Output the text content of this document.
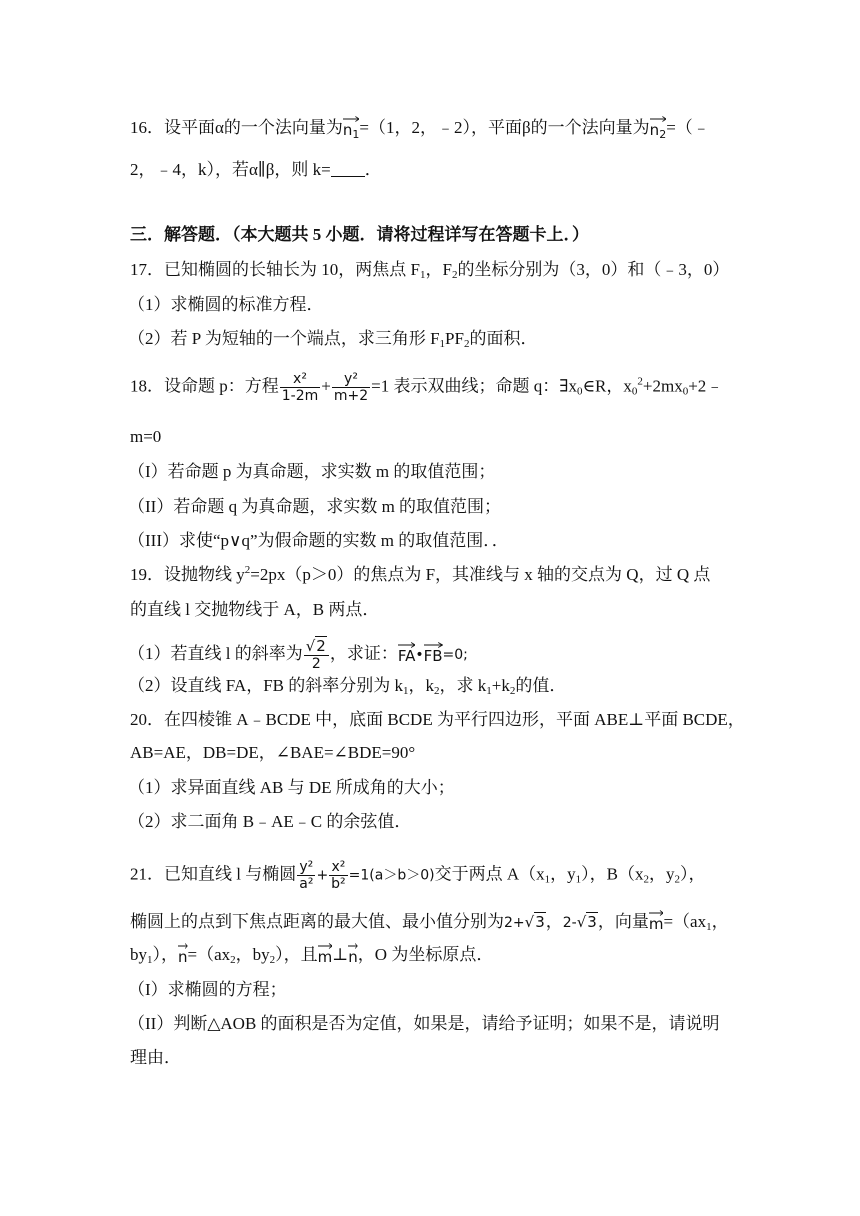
16．设平面α的一个法向量为
$n_1=(1$，2，﹣2），平面β的一个法向量为
$n_2=(﹣$
2，﹣4，k），若α∥β，则 k= ．
三．解答题．（本大题共 5 小题．请将过程详写在答题卡上．）
17．已知椭圆的长轴长为 10，两焦点 $F_1$，$F_2$的坐标分别为（3，0）和（﹣3，0）
（1）求椭圆的标准方程．
（2）若 P 为短轴的一个端点，求三角形 $F_1PF_2$的面积．
18．设命题 p：方程 $\frac{\text{x²}}{1-2m} + \frac{\text{y²}}{m+2} =1$ 表示双曲线；命题 q：$\exists x_0\in R$，$x_0^2+2mx_0+2﹣$
m=0
（I）若命题 p 为真命题，求实数 m 的取值范围；
（II）若命题 q 为真命题，求实数 m 的取值范围；
（III）求使“p∨q”为假命题的实数 m 的取值范围．．
19．设抛物线 $y^2=2px(p>0)$的焦点为 F，其准线与 x 轴的交点为 Q，过 Q 点
的直线 l 交抛物线于 A，B 两点．
（1）若直线 l 的斜率为 $\frac{√2}{2}$ ，求证：
FA•
FB=0;
（2）设直线 FA，FB 的斜率分别为 $k_1$，$k_2$，求 $k_1+k_2$的值．
20．在四棱锥 A﹣BCDE 中，底面 BCDE 为平行四边形，平面 ABE⊥平面 BCDE，
AB=AE，DB=DE，∠BAE=∠BDE=90°
（1）求异面直线 AB 与 DE 所成角的大小；
（2）求二面角 B﹣AE﹣C 的余弦值．
21．已知直线 l 与椭圆 $\frac{\text{y²}}{\text{a²}} + \frac{\text{x²}}{\text{b²}} =1(a>b>0)$交于两点 $A(x_1$，$y_1$），$B(x_2$，$y_2$），
椭圆上的点到下焦点距离的最大值、最小值分别为2+√3，2-√3，向量
$m=(ax_1$，
$by_1$），
$n=(ax_2$，$by_2$），且
m⊥
n，O 为坐标原点．
（I）求椭圆的方程；
（II）判断△AOB 的面积是否为定值，如果是，请给予证明；如果不是，请说明
理由．
